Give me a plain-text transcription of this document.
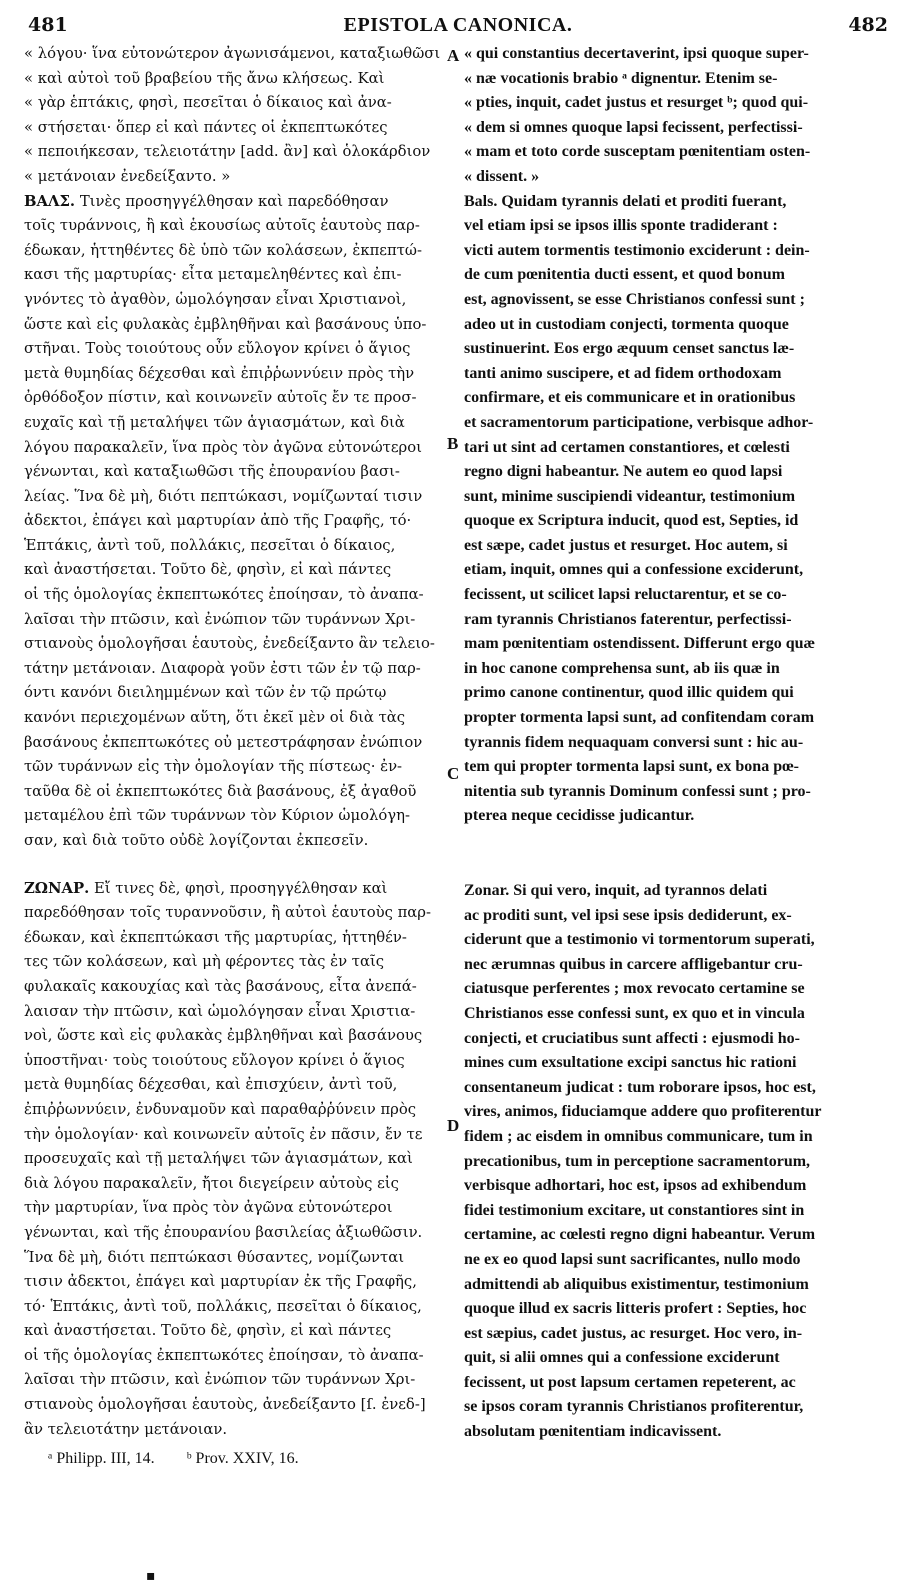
481	EPISTOLA CANONICA.	482
« λόγου· ἵνα εὐτονώτερον ἀγωνισάμενοι, καταξιωθῶσι
« καὶ αὐτοὶ τοῦ βραβείου τῆς ἄνω κλήσεως. Καὶ
« γὰρ ἑπτάκις, φησὶ, πεσεῖται ὁ δίκαιος καὶ ἀνα-
« στήσεται· ὅπερ εἰ καὶ πάντες οἱ ἐκπεπτωκότες
« πεποιήκεσαν, τελειοτάτην [add. ἂν] καὶ ὁλοκάρδιον
« μετάνοιαν ἐνεδείξαντο. »
ΒΑΛΣ. Τινὲς προσηγγέλθησαν καὶ παρεδόθησαν
τοῖς τυράννοις, ἢ καὶ ἑκουσίως αὐτοῖς ἑαυτοὺς παρ-
έδωκαν, ἡττηθέντες δὲ ὑπὸ τῶν κολάσεων, ἐκπεπτώ-
κασι τῆς μαρτυρίας· εἶτα μεταμεληθέντες καὶ ἐπι-
γνόντες τὸ ἀγαθὸν, ὡμολόγησαν εἶναι Χριστιανοὶ,
ὥστε καὶ εἰς φυλακὰς ἐμβληθῆναι καὶ βασάνους ὑπο-
στῆναι. Τοὺς τοιούτους οὖν εὔλογον κρίνει ὁ ἅγιος
μετὰ θυμηδίας δέχεσθαι καὶ ἐπιῤῥωννύειν πρὸς τὴν
ὀρθόδοξον πίστιν, καὶ κοινωνεῖν αὐτοῖς ἔν τε προσ-
ευχαῖς καὶ τῇ μεταλήψει τῶν ἁγιασμάτων, καὶ διὰ
λόγου παρακαλεῖν, ἵνα πρὸς τὸν ἀγῶνα εὐτονώτεροι
γένωνται, καὶ καταξιωθῶσι τῆς ἐπουρανίου βασι-
λείας. Ἵνα δὲ μὴ, διότι πεπτώκασι, νομίζωνταί τισιν
ἀδεκτοι, ἐπάγει καὶ μαρτυρίαν ἀπὸ τῆς Γραφῆς, τό·
Ἑπτάκις, ἀντὶ τοῦ, πολλάκις, πεσεῖται ὁ δίκαιος,
καὶ ἀναστήσεται. Τοῦτο δὲ, φησὶν, εἰ καὶ πάντες
οἱ τῆς ὁμολογίας ἐκπεπτωκότες ἐποίησαν, τὸ ἀναπα-
λαῖσαι τὴν πτῶσιν, καὶ ἐνώπιον τῶν τυράννων Χρι-
στιανοὺς ὁμολογῆσαι ἑαυτοὺς, ἐνεδείξαντο ἂν τελειο-
τάτην μετάνοιαν. Διαφορὰ γοῦν ἐστι τῶν ἐν τῷ παρ-
όντι κανόνι διειλημμένων καὶ τῶν ἐν τῷ πρώτῳ
κανόνι περιεχομένων αὕτη, ὅτι ἐκεῖ μὲν οἱ διὰ τὰς
βασάνους ἐκπεπτωκότες οὐ μετεστράφησαν ἐνώπιον
τῶν τυράννων εἰς τὴν ὁμολογίαν τῆς πίστεως· ἐν-
ταῦθα δὲ οἱ ἐκπεπτωκότες διὰ βασάνους, ἐξ ἀγαθοῦ
μεταμέλου ἐπὶ τῶν τυράννων τὸν Κύριον ὡμολόγη-
σαν, καὶ διὰ τοῦτο οὐδὲ λογίζονται ἐκπεσεῖν.
ΖΩΝΑΡ. Εἴ τινες δὲ, φησὶ, προσηγγέλθησαν καὶ
παρεδόθησαν τοῖς τυραννοῦσιν, ἢ αὐτοὶ ἑαυτοὺς παρ-
έδωκαν, καὶ ἐκπεπτώκασι τῆς μαρτυρίας, ἡττηθέν-
τες τῶν κολάσεων, καὶ μὴ φέροντες τὰς ἐν ταῖς
φυλακαῖς κακουχίας καὶ τὰς βασάνους, εἶτα ἀνεπά-
λαισαν τὴν πτῶσιν, καὶ ὡμολόγησαν εἶναι Χριστια-
νοὶ, ὥστε καὶ εἰς φυλακὰς ἐμβληθῆναι καὶ βασάνους
ὑποστῆναι· τοὺς τοιούτους εὔλογον κρίνει ὁ ἅγιος
μετὰ θυμηδίας δέχεσθαι, καὶ ἐπισχύειν, ἀντὶ τοῦ,
ἐπιῤῥωννύειν, ἐνδυναμοῦν καὶ παραθαῤῥύνειν πρὸς
τὴν ὁμολογίαν· καὶ κοινωνεῖν αὐτοῖς ἐν πᾶσιν, ἔν τε
προσευχαῖς καὶ τῇ μεταλήψει τῶν ἁγιασμάτων, καὶ
διὰ λόγου παρακαλεῖν, ἤτοι διεγείρειν αὐτοὺς εἰς
τὴν μαρτυρίαν, ἵνα πρὸς τὸν ἀγῶνα εὐτονώτεροι
γένωνται, καὶ τῆς ἐπουρανίου βασιλείας ἀξιωθῶσιν.
Ἵνα δὲ μὴ, διότι πεπτώκασι θύσαντες, νομίζωνται
τισιν ἀδεκτοι, ἐπάγει καὶ μαρτυρίαν ἐκ τῆς Γραφῆς,
τό· Ἑπτάκις, ἀντὶ τοῦ, πολλάκις, πεσεῖται ὁ δίκαιος,
καὶ ἀναστήσεται. Τοῦτο δὲ, φησὶν, εἰ καὶ πάντες
οἱ τῆς ὁμολογίας ἐκπεπτωκότες ἐποίησαν, τὸ ἀναπα-
λαῖσαι τὴν πτῶσιν, καὶ ἐνώπιον τῶν τυράννων Χρι-
στιανοὺς ὁμολογῆσαι ἑαυτοὺς, ἀνεδείξαντο [ſ. ἐνεδ-]
ἂν τελειοτάτην μετάνοιαν.
« qui constantius decertaverint, ipsi quoque super-
« næ vocationis brabio ᵃ dignentur. Etenim se-
« pties, inquit, cadet justus et resurget ᵇ; quod qui-
« dem si omnes quoque lapsi fecissent, perfectissi-
« mam et toto corde susceptam pœnitentiam osten-
« dissent. »
Bals. Quidam tyrannis delati et proditi fuerant,
vel etiam ipsi se ipsos illis sponte tradiderant :
victi autem tormentis testimonio exciderunt : dein-
de cum pœnitentia ducti essent, et quod bonum
est, agnovissent, se esse Christianos confessi sunt ;
adeo ut in custodiam conjecti, tormenta quoque
sustinuerint. Eos ergo æquum censet sanctus læ-
tanti animo suscipere, et ad fidem orthodoxam
confirmare, et eis communicare et in orationibus
et sacramentorum participatione, verbisque adhor-
tari ut sint ad certamen constantiores, et cœlesti
regno digni habeantur. Ne autem eo quod lapsi
sunt, minime suscipiendi videantur, testimonium
quoque ex Scriptura inducit, quod est, Septies, id
est sæpe, cadet justus et resurget. Hoc autem, si
etiam, inquit, omnes qui a confessione exciderunt,
fecissent, ut scilicet lapsi reluctarentur, et se co-
ram tyrannis Christianos faterentur, perfectissi-
mam pœnitentiam ostendissent. Differunt ergo quæ
in hoc canone comprehensa sunt, ab iis quæ in
primo canone continentur, quod illic quidem qui
propter tormenta lapsi sunt, ad confitendam coram
tyrannis fidem nequaquam conversi sunt : hic au-
tem qui propter tormenta lapsi sunt, ex bona pœ-
nitentia sub tyrannis Dominum confessi sunt ; pro-
pterea neque cecidisse judicantur.
Zonar. Si qui vero, inquit, ad tyrannos delati
ac proditi sunt, vel ipsi sese ipsis dediderunt, ex-
ciderunt que a testimonio vi tormentorum superati,
nec ærumnas quibus in carcere affligebantur cru-
ciatusque perferentes ; mox revocato certamine se
Christianos esse confessi sunt, ex quo et in vincula
conjecti, et cruciatibus sunt affecti : ejusmodi ho-
mines cum exsultatione excipi sanctus hic rationi
consentaneum judicat : tum roborare ipsos, hoc est,
vires, animos, fiduciamque addere quo profiterentur
fidem ; ac eisdem in omnibus communicare, tum in
precationibus, tum in perceptione sacramentorum,
verbisque adhortari, hoc est, ipsos ad exhibendum
fidei testimonium excitare, ut constantiores sint in
certamine, ac cœlesti regno digni habeantur. Verum
ne ex eo quod lapsi sunt sacrificantes, nullo modo
admittendi ab aliquibus existimentur, testimonium
quoque illud ex sacris litteris profert : Septies, hoc
est sæpius, cadet justus, ac resurget. Hoc vero, in-
quit, si alii omnes qui a confessione exciderunt
fecissent, ut post lapsum certamen repeterent, ac
se ipsos coram tyrannis Christianos profiterentur,
absolutam pœnitentiam indicavissent.
A
B
C
D
ᵃ Philipp. III, 14. ᵇ Prov. XXIV, 16.
▪
